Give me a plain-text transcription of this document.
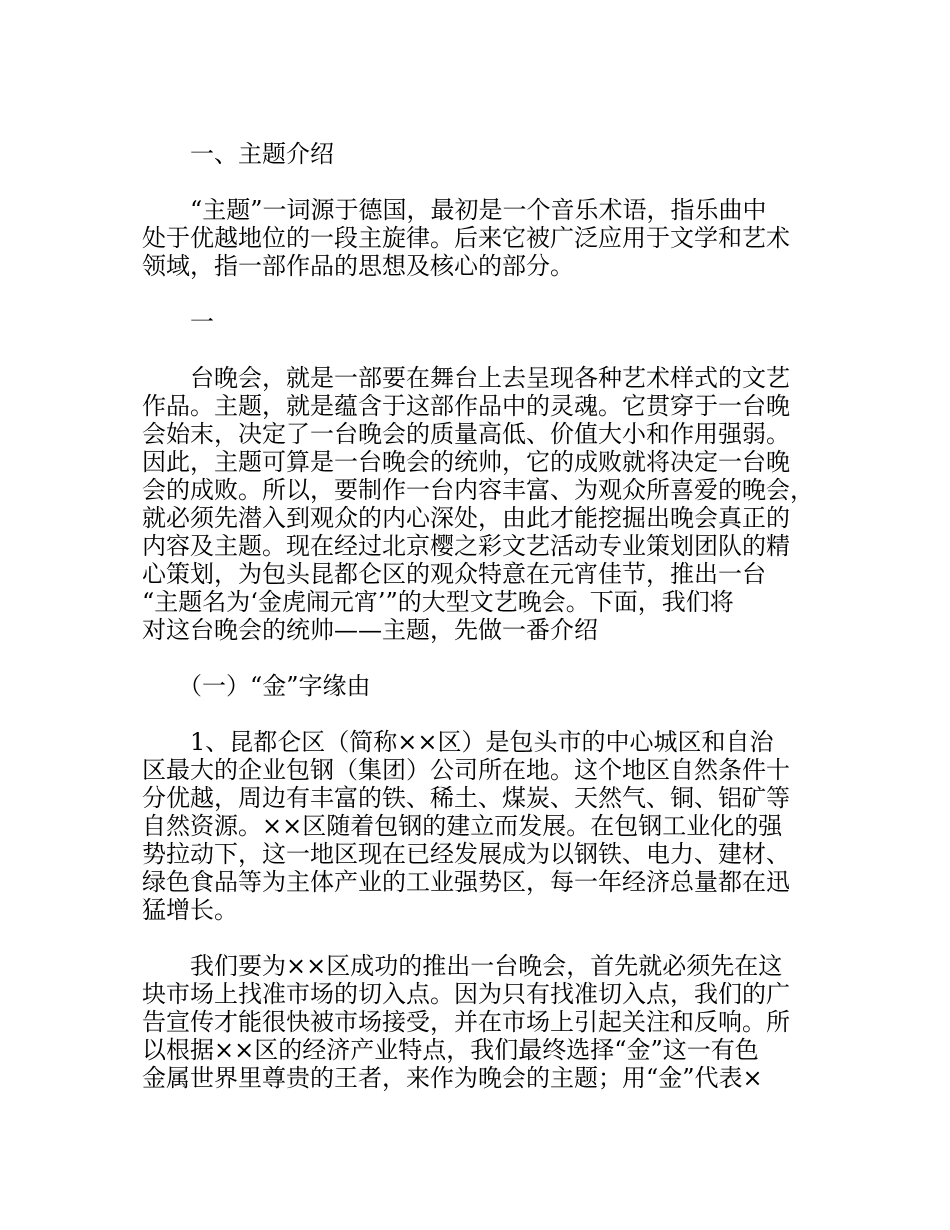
一、主题介绍
“主题”一词源于德国，最初是一个音乐术语，指乐曲中
处于优越地位的一段主旋律。后来它被广泛应用于文学和艺术
领域，指一部作品的思想及核心的部分。
一
台晚会，就是一部要在舞台上去呈现各种艺术样式的文艺
作品。主题，就是蕴含于这部作品中的灵魂。它贯穿于一台晚
会始末，决定了一台晚会的质量高低、价值大小和作用强弱。
因此，主题可算是一台晚会的统帅，它的成败就将决定一台晚
会的成败。所以，要制作一台内容丰富、为观众所喜爱的晚会，
就必须先潜入到观众的内心深处，由此才能挖掘出晚会真正的
内容及主题。现在经过北京樱之彩文艺活动专业策划团队的精
心策划，为包头昆都仑区的观众特意在元宵佳节，推出一台
“主题名为‘金虎闹元宵’”的大型文艺晚会。下面，我们将
对这台晚会的统帅——主题，先做一番介绍
（一）“金”字缘由
1、昆都仑区（简称××区）是包头市的中心城区和自治
区最大的企业包钢（集团）公司所在地。这个地区自然条件十
分优越，周边有丰富的铁、稀土、煤炭、天然气、铜、铝矿等
自然资源。××区随着包钢的建立而发展。在包钢工业化的强
势拉动下，这一地区现在已经发展成为以钢铁、电力、建材、
绿色食品等为主体产业的工业强势区，每一年经济总量都在迅
猛增长。
我们要为××区成功的推出一台晚会，首先就必须先在这
块市场上找准市场的切入点。因为只有找准切入点，我们的广
告宣传才能很快被市场接受，并在市场上引起关注和反响。所
以根据××区的经济产业特点，我们最终选择“金”这一有色
金属世界里尊贵的王者，来作为晚会的主题；用“金”代表×
